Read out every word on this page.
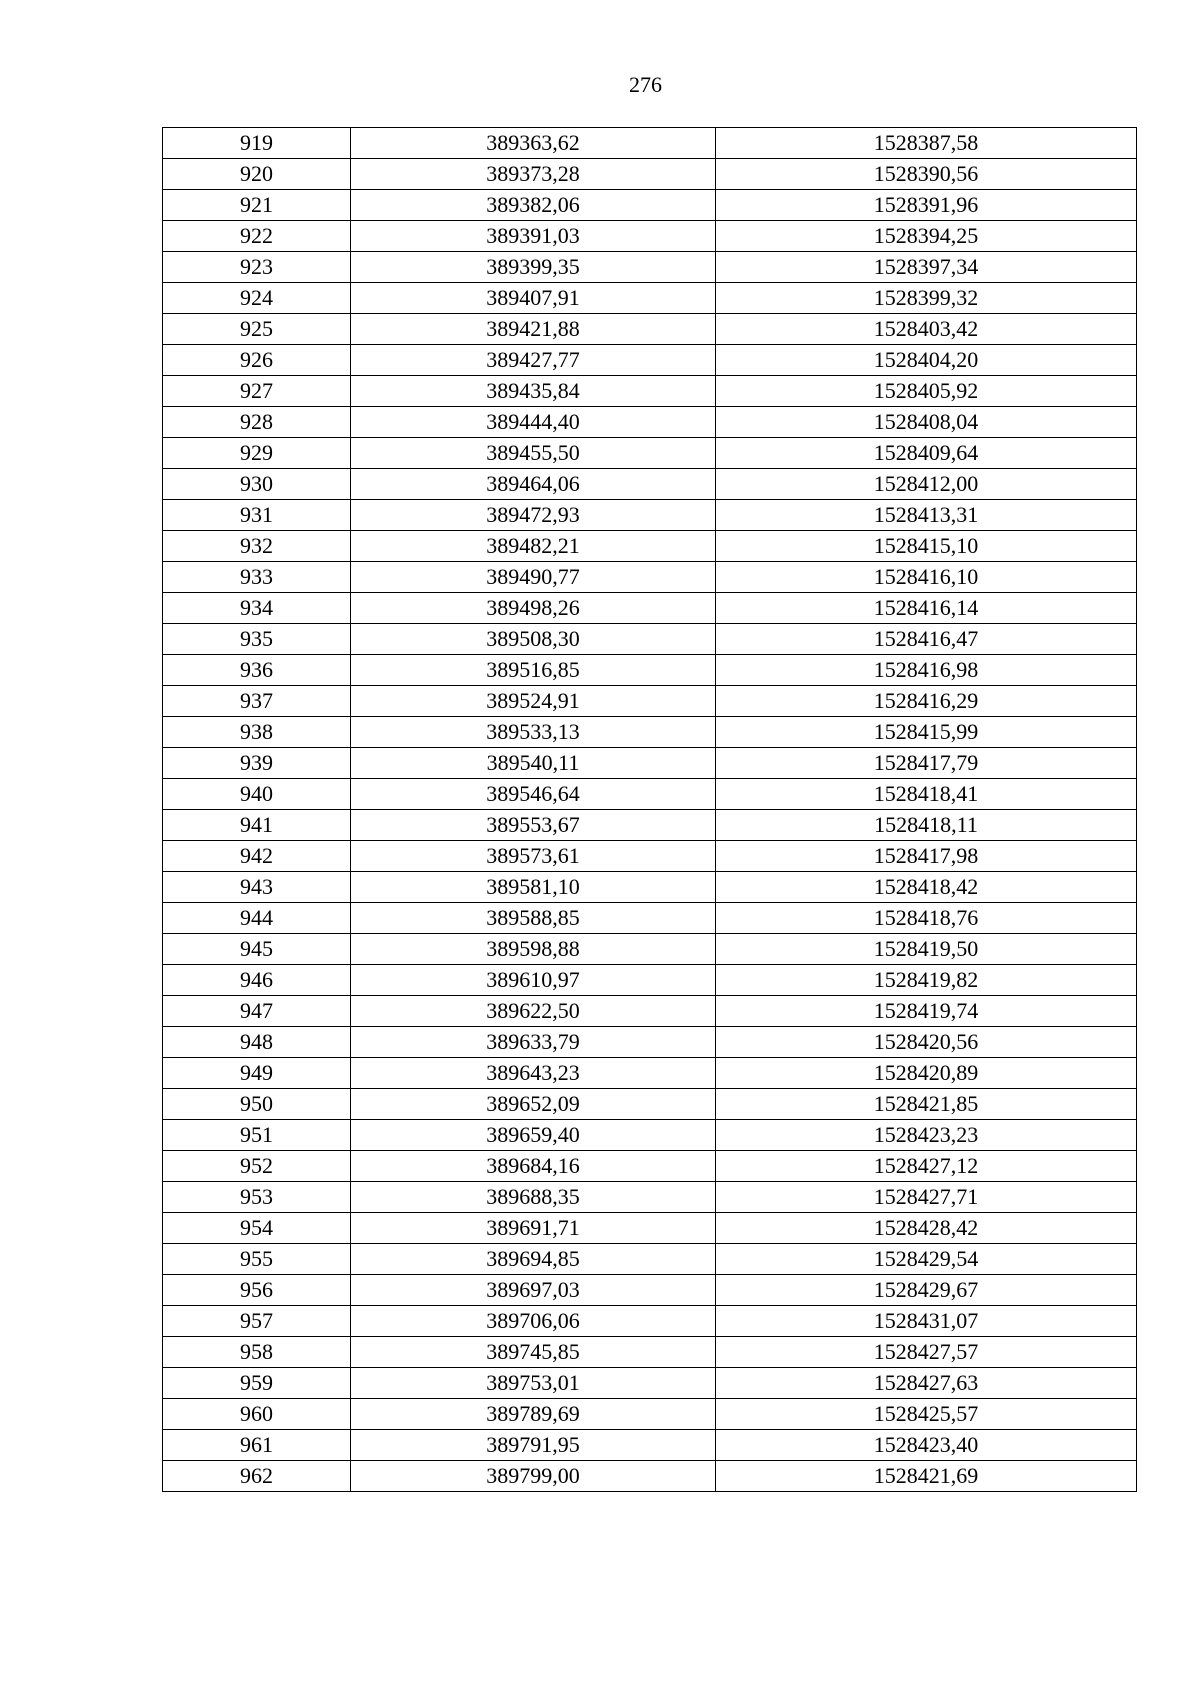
276
919	389363,62	1528387,58
920	389373,28	1528390,56
921	389382,06	1528391,96
922	389391,03	1528394,25
923	389399,35	1528397,34
924	389407,91	1528399,32
925	389421,88	1528403,42
926	389427,77	1528404,20
927	389435,84	1528405,92
928	389444,40	1528408,04
929	389455,50	1528409,64
930	389464,06	1528412,00
931	389472,93	1528413,31
932	389482,21	1528415,10
933	389490,77	1528416,10
934	389498,26	1528416,14
935	389508,30	1528416,47
936	389516,85	1528416,98
937	389524,91	1528416,29
938	389533,13	1528415,99
939	389540,11	1528417,79
940	389546,64	1528418,41
941	389553,67	1528418,11
942	389573,61	1528417,98
943	389581,10	1528418,42
944	389588,85	1528418,76
945	389598,88	1528419,50
946	389610,97	1528419,82
947	389622,50	1528419,74
948	389633,79	1528420,56
949	389643,23	1528420,89
950	389652,09	1528421,85
951	389659,40	1528423,23
952	389684,16	1528427,12
953	389688,35	1528427,71
954	389691,71	1528428,42
955	389694,85	1528429,54
956	389697,03	1528429,67
957	389706,06	1528431,07
958	389745,85	1528427,57
959	389753,01	1528427,63
960	389789,69	1528425,57
961	389791,95	1528423,40
962	389799,00	1528421,69
